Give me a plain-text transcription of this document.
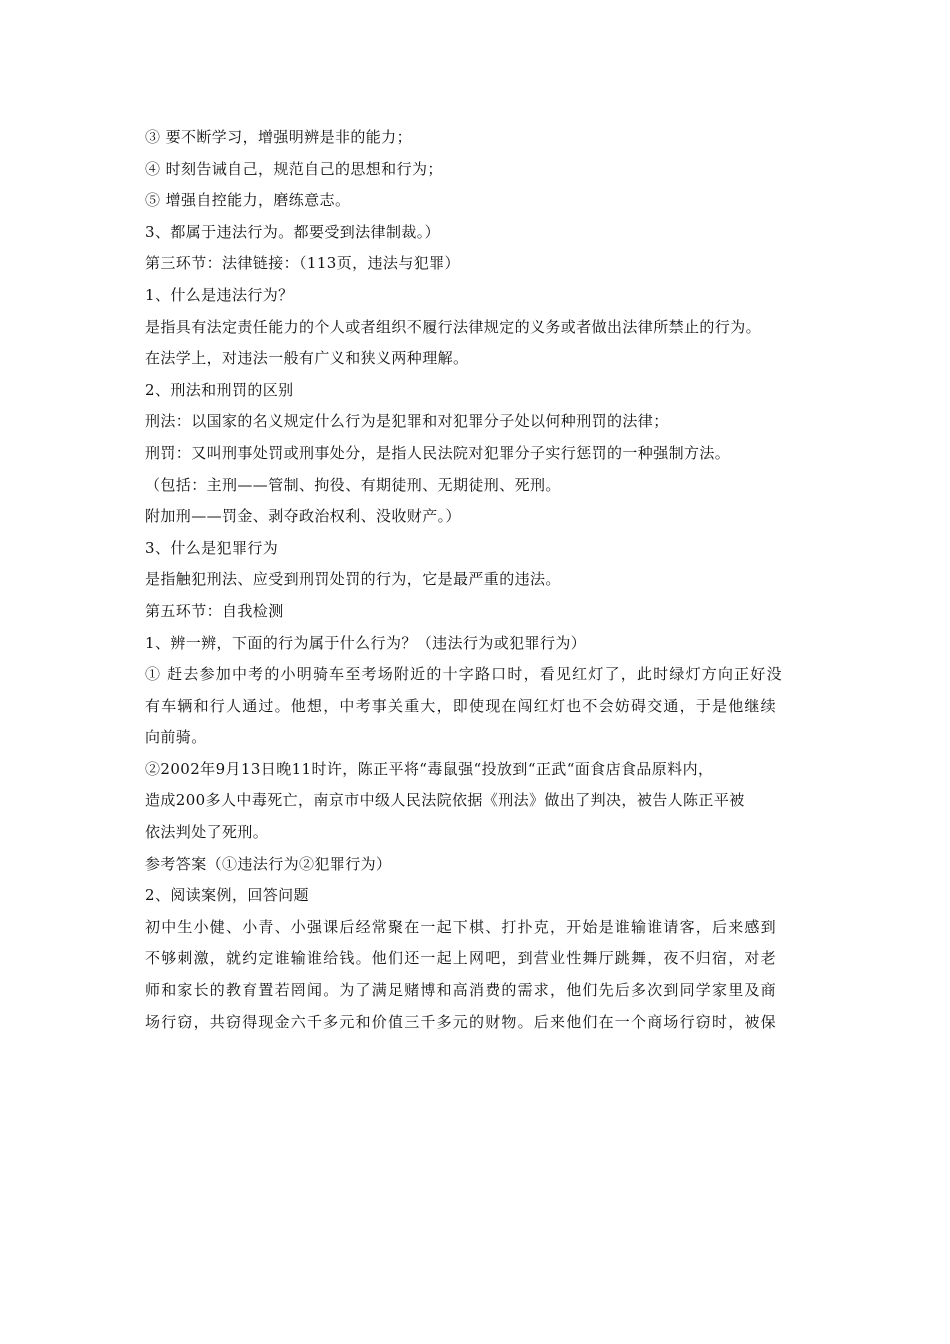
③ 要不断学习，增强明辨是非的能力；
④ 时刻告诫自己，规范自己的思想和行为；
⑤ 增强自控能力，磨练意志。
3、都属于违法行为。都要受到法律制裁。）
第三环节：法律链接：（113页，违法与犯罪）
1、什么是违法行为？
是指具有法定责任能力的个人或者组织不履行法律规定的义务或者做出法律所禁止的行为。
在法学上，对违法一般有广义和狭义两种理解。
2、刑法和刑罚的区别
刑法：以国家的名义规定什么行为是犯罪和对犯罪分子处以何种刑罚的法律；
刑罚：又叫刑事处罚或刑事处分，是指人民法院对犯罪分子实行惩罚的一种强制方法。
（包括：主刑——管制、拘役、有期徒刑、无期徒刑、死刑。
附加刑——罚金、剥夺政治权利、没收财产。）
3、什么是犯罪行为
是指触犯刑法、应受到刑罚处罚的行为，它是最严重的违法。
第五环节：自我检测
1、辨一辨，下面的行为属于什么行为？（违法行为或犯罪行为）
① 赶去参加中考的小明骑车至考场附近的十字路口时，看见红灯了，此时绿灯方向正好没
有车辆和行人通过。他想，中考事关重大，即使现在闯红灯也不会妨碍交通，于是他继续
向前骑。
②2002年9月13日晚11时许，陈正平将“毒鼠强“投放到“正武“面食店食品原料内，
造成200多人中毒死亡，南京市中级人民法院依据《刑法》做出了判决，被告人陈正平被
依法判处了死刑。
参考答案（①违法行为②犯罪行为）
2、阅读案例，回答问题
初中生小健、小青、小强课后经常聚在一起下棋、打扑克，开始是谁输谁请客，后来感到
不够刺激，就约定谁输谁给钱。他们还一起上网吧，到营业性舞厅跳舞，夜不归宿，对老
师和家长的教育置若罔闻。为了满足赌博和高消费的需求，他们先后多次到同学家里及商
场行窃，共窃得现金六千多元和价值三千多元的财物。后来他们在一个商场行窃时，被保
